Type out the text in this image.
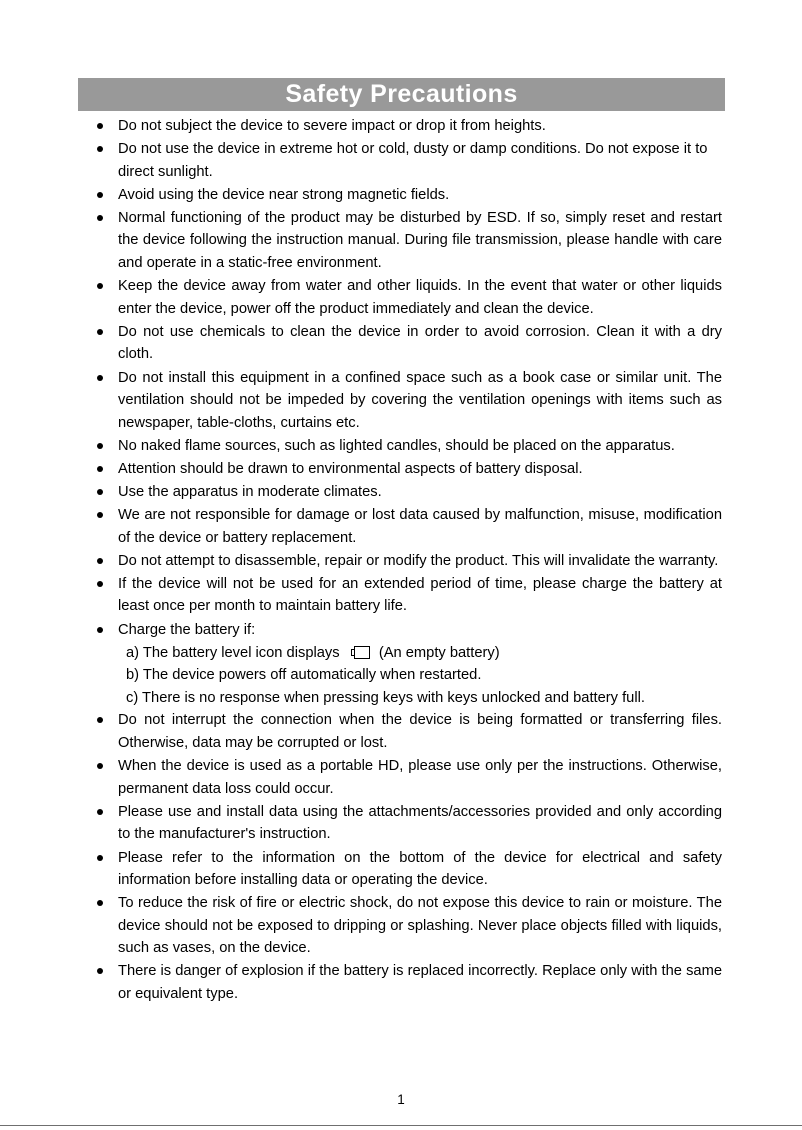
Safety Precautions
Do not subject the device to severe impact or drop it from heights.
Do not use the device in extreme hot or cold, dusty or damp conditions. Do not expose it to direct sunlight.
Avoid using the device near strong magnetic fields.
Normal functioning of the product may be disturbed by ESD. If so, simply reset and restart the device following the instruction manual. During file transmission, please handle with care and operate in a static-free environment.
Keep the device away from water and other liquids. In the event that water or other liquids enter the device, power off the product immediately and clean the device.
Do not use chemicals to clean the device in order to avoid corrosion. Clean it with a dry cloth.
Do not install this equipment in a confined space such as a book case or similar unit. The ventilation should not be impeded by covering the ventilation openings with items such as newspaper, table-cloths, curtains etc.
No naked flame sources, such as lighted candles, should be placed on the apparatus.
Attention should be drawn to environmental aspects of battery disposal.
Use the apparatus in moderate climates.
We are not responsible for damage or lost data caused by malfunction, misuse, modification of the device or battery replacement.
Do not attempt to disassemble, repair or modify the product. This will invalidate the warranty.
If the device will not be used for an extended period of time, please charge the battery at least once per month to maintain battery life.
Charge the battery if:
a) The battery level icon displays	(An empty battery)
b) The device powers off automatically when restarted.
c) There is no response when pressing keys with keys unlocked and battery full.
Do not interrupt the connection when the device is being formatted or transferring files. Otherwise, data may be corrupted or lost.
When the device is used as a portable HD, please use only per the instructions. Otherwise, permanent data loss could occur.
Please use and install data using the attachments/accessories provided and only according to the manufacturer's instruction.
Please refer to the information on the bottom of the device for electrical and safety information before installing data or operating the device.
To reduce the risk of fire or electric shock, do not expose this device to rain or moisture. The device should not be exposed to dripping or splashing. Never place objects filled with liquids, such as vases, on the device.
There is danger of explosion if the battery is replaced incorrectly. Replace only with the same or equivalent type.
1
